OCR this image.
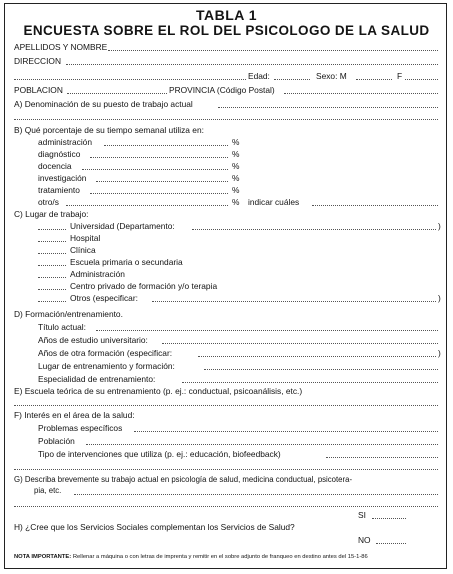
TABLA 1
ENCUESTA SOBRE EL ROL DEL PSICOLOGO DE LA SALUD
APELLIDOS Y NOMBRE
DIRECCION
Edad:	Sexo: M	F
POBLACION	PROVINCIA (Código Postal)
A) Denominación de su puesto de trabajo actual
B) Qué porcentaje de su tiempo semanal utiliza en:
administración	%
diagnóstico	%
docencia	%
investigación	%
tratamiento	%
otro/s	% indicar cuáles
C) Lugar de trabajo:
Universidad (Departamento:	)
Hospital
Clínica
Escuela primaria o secundaria
Administración
Centro privado de formación y/o terapia
Otros (especificar:	)
D) Formación/entrenamiento.
Título actual:
Años de estudio universitario:
Años de otra formación (especificar:	)
Lugar de entrenamiento y formación:
Especialidad de entrenamiento:
E) Escuela teórica de su entrenamiento (p. ej.: conductual, psicoanálisis, etc.)
F) Interés en el área de la salud:
Problemas específicos
Población
Tipo de intervenciones que utiliza (p. ej.: educación, biofeedback)
G) Describa brevemente su trabajo actual en psicología de salud, medicina conductual, psicotera-
pia, etc.
SI
H) ¿Cree que los Servicios Sociales complementan los Servicios de Salud?
NO
NOTA IMPORTANTE: Rellenar a máquina o con letras de imprenta y remitir en el sobre adjunto de franqueo en destino antes del 15-1-86
